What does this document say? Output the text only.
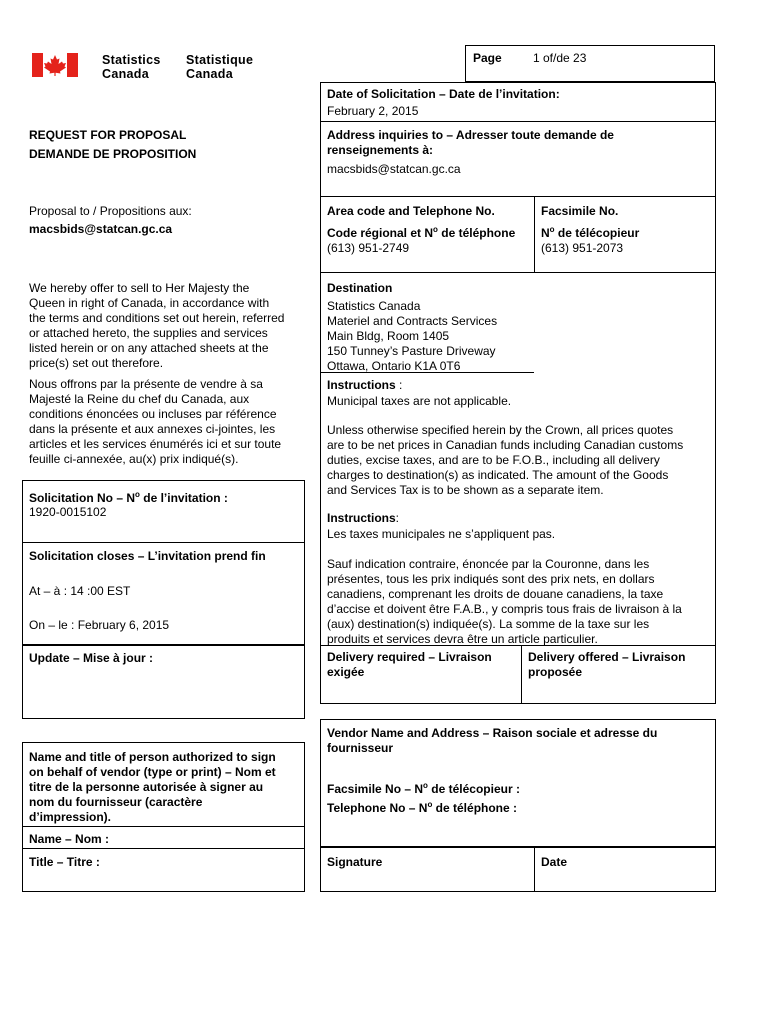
Statistics
Canada
Statistique
Canada
Page	1 of/de 23
Date of Solicitation – Date de l’invitation:
February 2, 2015
Address inquiries to – Adresser toute demande de
renseignements à:
macsbids@statcan.gc.ca
Area code and Telephone No.
Code régional et $N^o$ de téléphone
(613) 951-2749
Facsimile No.
$N^o$ de télécopieur
(613) 951-2073
Destination
Statistics Canada
Materiel and Contracts Services
Main Bldg, Room 1405
150 Tunney’s Pasture Driveway
Ottawa, Ontario K1A 0T6
Instructions :
Municipal taxes are not applicable.
Unless otherwise specified herein by the Crown, all prices quotes
are to be net prices in Canadian funds including Canadian customs
duties, excise taxes, and are to be F.O.B., including all delivery
charges to destination(s) as indicated. The amount of the Goods
and Services Tax is to be shown as a separate item.
Instructions:
Les taxes municipales ne s’appliquent pas.
Sauf indication contraire, énoncée par la Couronne, dans les
présentes, tous les prix indiqués sont des prix nets, en dollars
canadiens, comprenant les droits de douane canadiens, la taxe
d’accise et doivent être F.A.B., y compris tous frais de livraison à la
(aux) destination(s) indiquée(s). La somme de la taxe sur les
produits et services devra être un article particulier.
Delivery required – Livraison
exigée
Delivery offered – Livraison
proposée
Vendor Name and Address – Raison sociale et adresse du
fournisseur
Facsimile No – $N^o$ de télécopieur :
Telephone No – $N^o$ de téléphone :
Signature	Date
REQUEST FOR PROPOSAL
DEMANDE DE PROPOSITION
Proposal to / Propositions aux:
macsbids@statcan.gc.ca
We hereby offer to sell to Her Majesty the
Queen in right of Canada, in accordance with
the terms and conditions set out herein, referred
or attached hereto, the supplies and services
listed herein or on any attached sheets at the
price(s) set out therefore.
Nous offrons par la présente de vendre à sa
Majesté la Reine du chef du Canada, aux
conditions énoncées ou incluses par référence
dans la présente et aux annexes ci-jointes, les
articles et les services énumérés ici et sur toute
feuille ci-annexée, au(x) prix indiqué(s).
Solicitation No – $N^o$ de l’invitation :
1920-0015102
Solicitation closes – L’invitation prend fin
At – à : 14 :00 EST
On – le : February 6, 2015
Update – Mise à jour :
Name and title of person authorized to sign
on behalf of vendor (type or print) – Nom et
titre de la personne autorisée à signer au
nom du fournisseur (caractère
d’impression).
Name – Nom :
Title – Titre :
